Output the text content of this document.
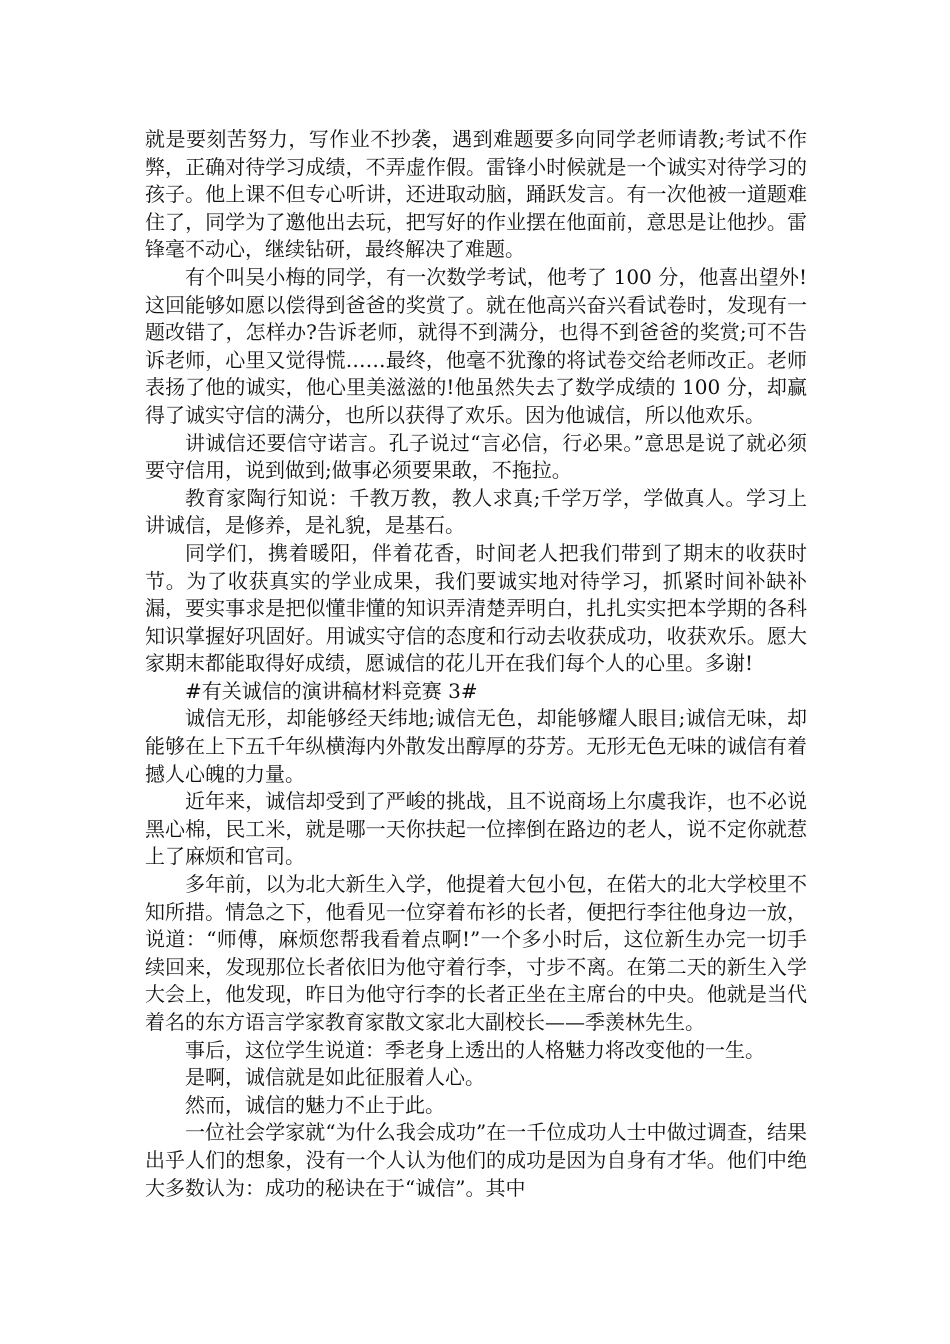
就是要刻苦努力，写作业不抄袭，遇到难题要多向同学老师请教;考试不作弊，正确对待学习成绩，不弄虚作假。雷锋小时候就是一个诚实对待学习的孩子。他上课不但专心听讲，还进取动脑，踊跃发言。有一次他被一道题难住了，同学为了邀他出去玩，把写好的作业摆在他面前，意思是让他抄。雷锋毫不动心，继续钻研，最终解决了难题。

有个叫吴小梅的同学，有一次数学考试，他考了 100 分，他喜出望外!这回能够如愿以偿得到爸爸的奖赏了。就在他高兴奋兴看试卷时，发现有一题改错了，怎样办?告诉老师，就得不到满分，也得不到爸爸的奖赏;可不告诉老师，心里又觉得慌……最终，他毫不犹豫的将试卷交给老师改正。老师表扬了他的诚实，他心里美滋滋的!他虽然失去了数学成绩的 100 分，却赢得了诚实守信的满分，也所以获得了欢乐。因为他诚信，所以他欢乐。

讲诚信还要信守诺言。孔子说过“言必信，行必果。”意思是说了就必须要守信用，说到做到;做事必须要果敢，不拖拉。

教育家陶行知说：千教万教，教人求真;千学万学，学做真人。学习上讲诚信，是修养，是礼貌，是基石。

同学们，携着暖阳，伴着花香，时间老人把我们带到了期末的收获时节。为了收获真实的学业成果，我们要诚实地对待学习，抓紧时间补缺补漏，要实事求是把似懂非懂的知识弄清楚弄明白，扎扎实实把本学期的各科知识掌握好巩固好。用诚实守信的态度和行动去收获成功，收获欢乐。愿大家期末都能取得好成绩，愿诚信的花儿开在我们每个人的心里。多谢!

#有关诚信的演讲稿材料竞赛 3#

诚信无形，却能够经天纬地;诚信无色，却能够耀人眼目;诚信无味，却能够在上下五千年纵横海内外散发出醇厚的芬芳。无形无色无味的诚信有着撼人心魄的力量。

近年来，诚信却受到了严峻的挑战，且不说商场上尔虞我诈，也不必说黑心棉，民工米，就是哪一天你扶起一位摔倒在路边的老人，说不定你就惹上了麻烦和官司。

多年前，以为北大新生入学，他提着大包小包，在偌大的北大学校里不知所措。情急之下，他看见一位穿着布衫的长者，便把行李往他身边一放，说道：“师傅，麻烦您帮我看着点啊!”一个多小时后，这位新生办完一切手续回来，发现那位长者依旧为他守着行李，寸步不离。在第二天的新生入学大会上，他发现，昨日为他守行李的长者正坐在主席台的中央。他就是当代着名的东方语言学家教育家散文家北大副校长——季羡林先生。

事后，这位学生说道：季老身上透出的人格魅力将改变他的一生。

是啊，诚信就是如此征服着人心。

然而，诚信的魅力不止于此。

一位社会学家就“为什么我会成功”在一千位成功人士中做过调查，结果出乎人们的想象，没有一个人认为他们的成功是因为自身有才华。他们中绝大多数认为：成功的秘诀在于“诚信”。其中
